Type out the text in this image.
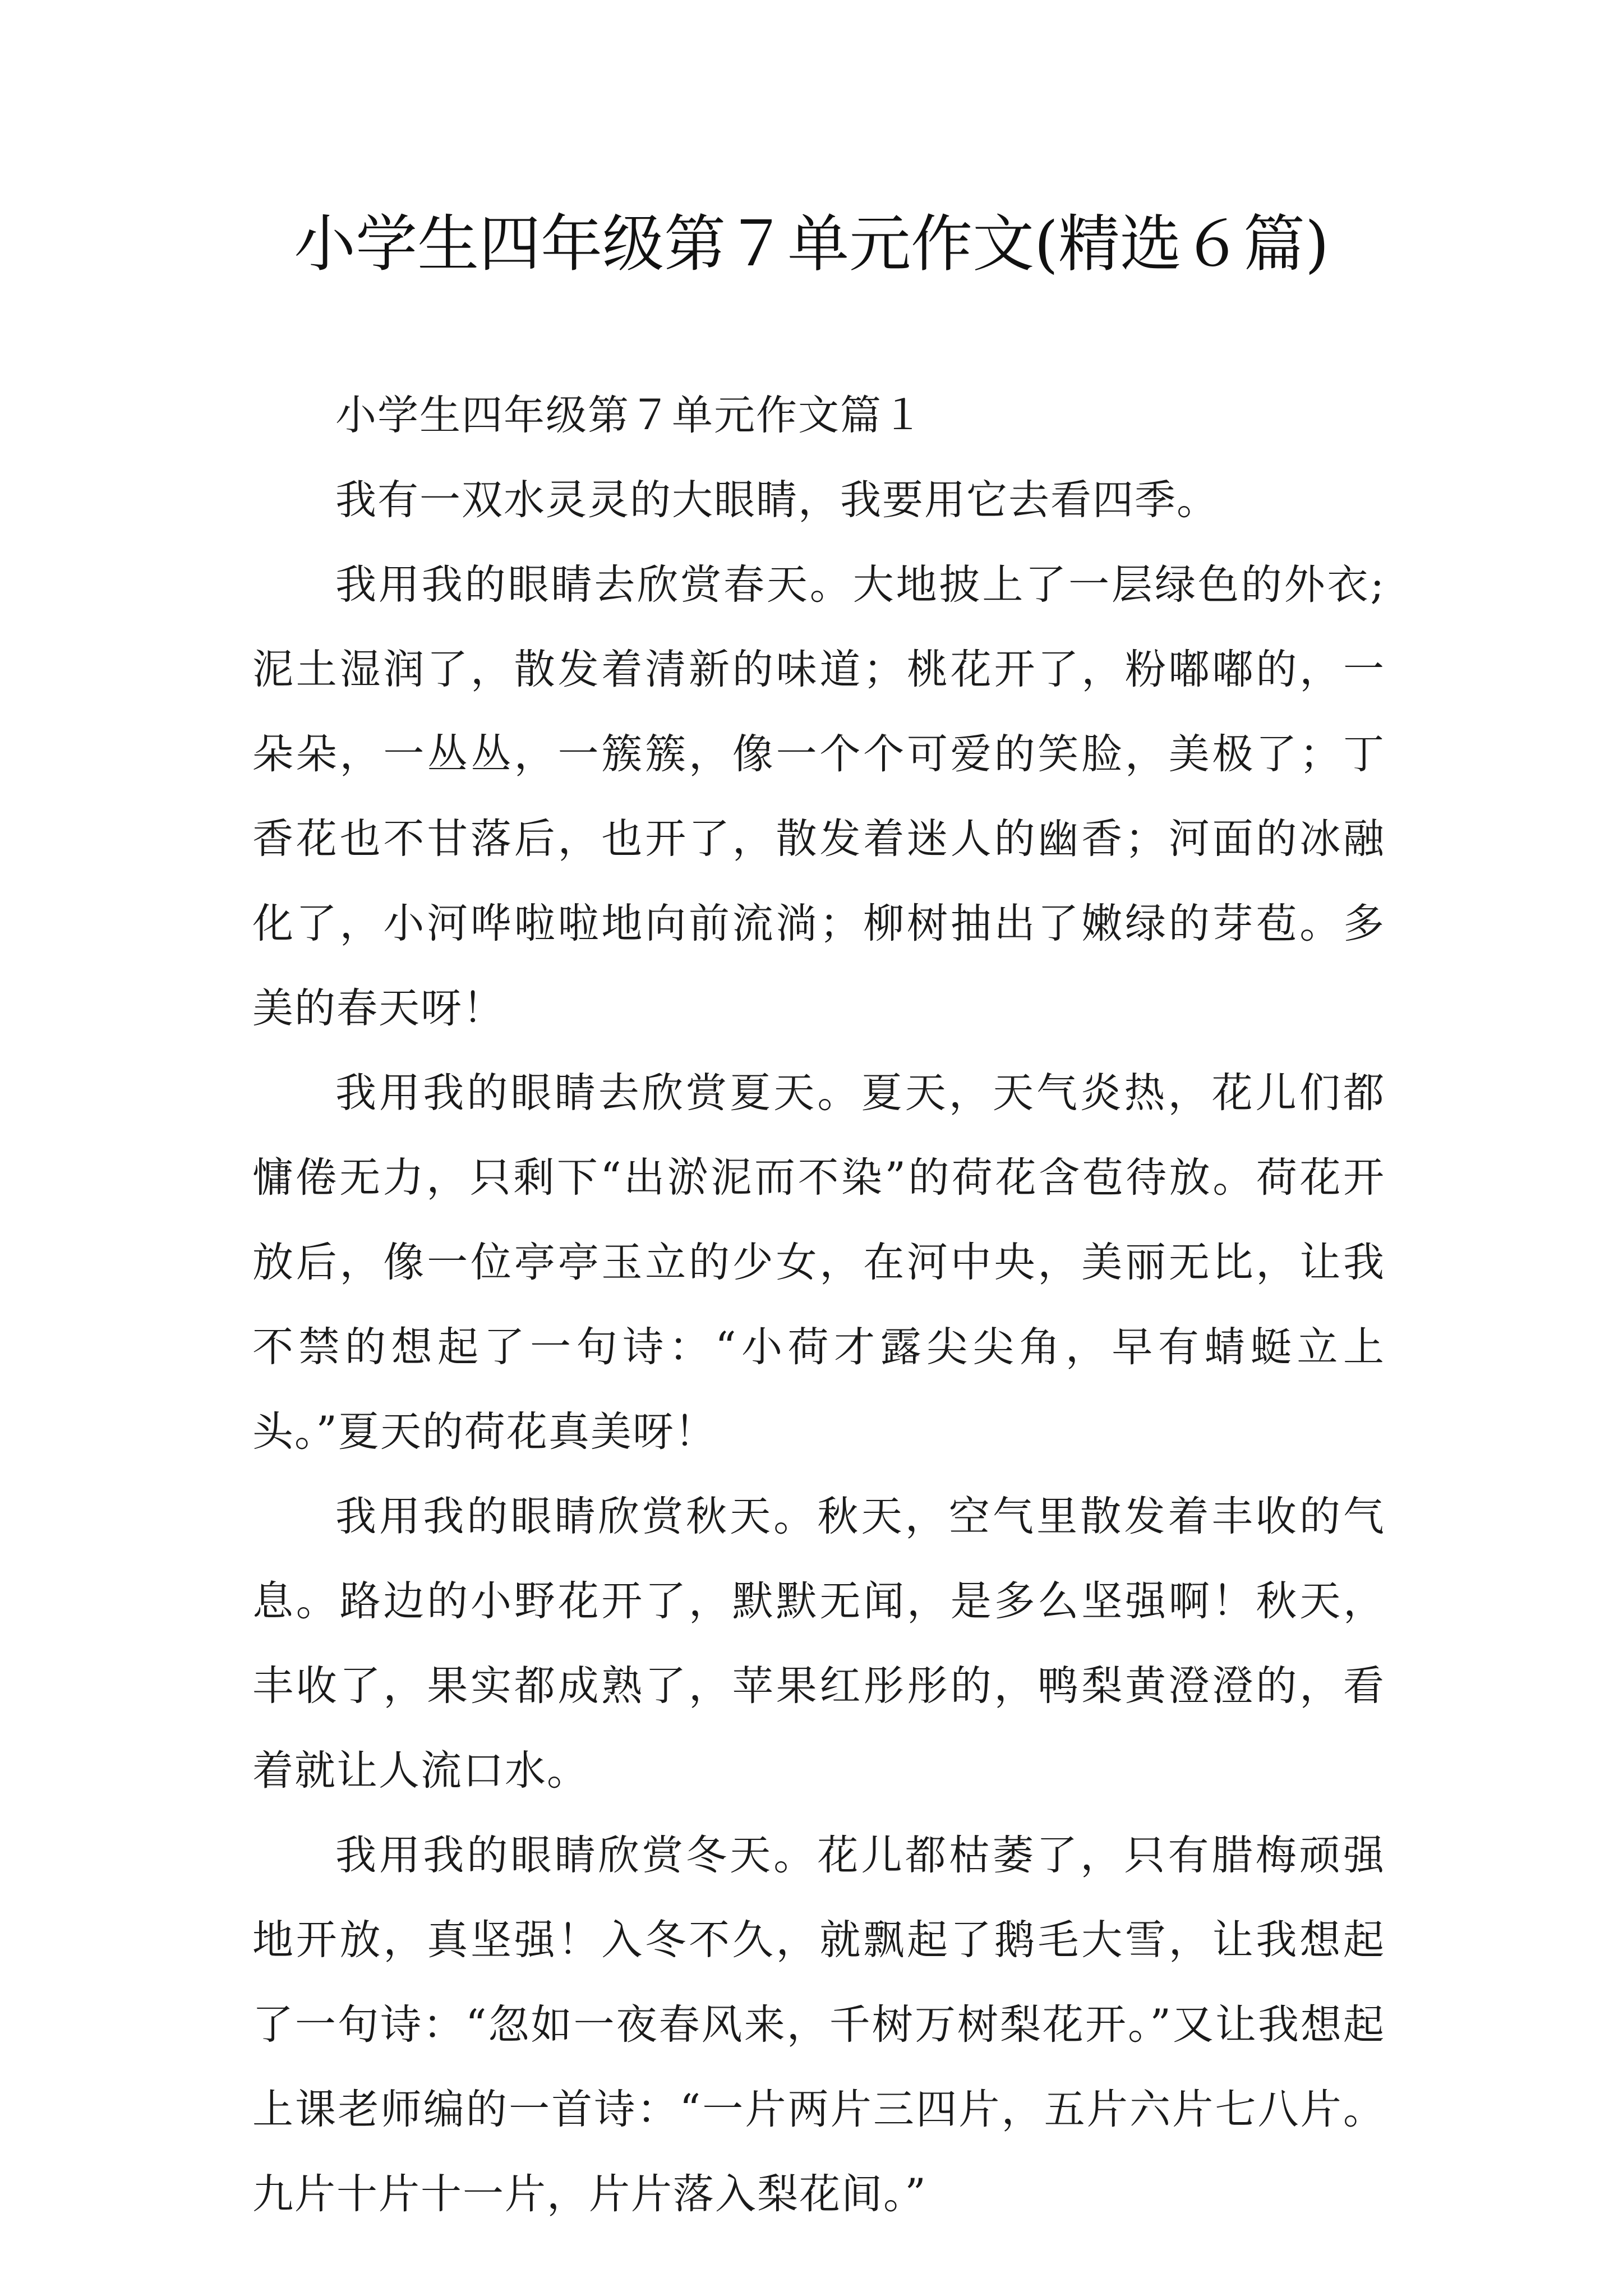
小学生四年级第７单元作文(精选６篇)

小学生四年级第７单元作文篇１

我有一双水灵灵的大眼睛，我要用它去看四季。

我用我的眼睛去欣赏春天。大地披上了一层绿色的外衣;泥土湿润了，散发着清新的味道；桃花开了，粉嘟嘟的，一朵朵，一丛丛，一簇簇，像一个个可爱的笑脸，美极了；丁香花也不甘落后，也开了，散发着迷人的幽香；河面的冰融化了，小河哗啦啦地向前流淌；柳树抽出了嫩绿的芽苞。多美的春天呀！

我用我的眼睛去欣赏夏天。夏天，天气炎热，花儿们都慵倦无力，只剩下“出淤泥而不染”的荷花含苞待放。荷花开放后，像一位亭亭玉立的少女，在河中央，美丽无比，让我不禁的想起了一句诗：“小荷才露尖尖角，早有蜻蜓立上头。”夏天的荷花真美呀！

我用我的眼睛欣赏秋天。秋天，空气里散发着丰收的气息。路边的小野花开了，默默无闻，是多么坚强啊！秋天，丰收了，果实都成熟了，苹果红彤彤的，鸭梨黄澄澄的，看着就让人流口水。

我用我的眼睛欣赏冬天。花儿都枯萎了，只有腊梅顽强地开放，真坚强！入冬不久，就飘起了鹅毛大雪，让我想起了一句诗：“忽如一夜春风来，千树万树梨花开。”又让我想起上课老师编的一首诗：“一片两片三四片，五片六片七八片。九片十片十一片，片片落入梨花间。”
